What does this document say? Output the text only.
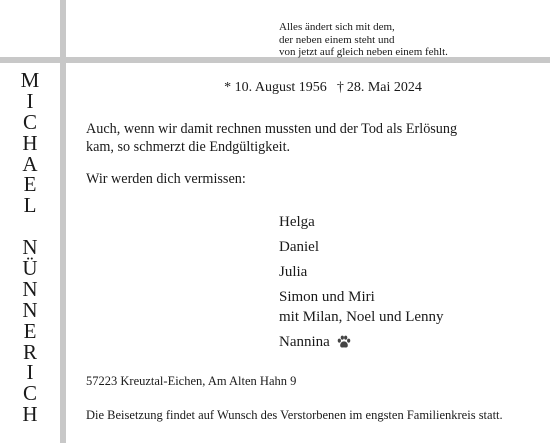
Alles ändert sich mit dem,
der neben einem steht und
von jetzt auf gleich neben einem fehlt.
M
I
C
H
A
E
L
N
Ü
N
N
E
R
I
C
H
* 10. August 1956 † 28. Mai 2024
Auch, wenn wir damit rechnen mussten und der Tod als Erlösung
kam, so schmerzt die Endgültigkeit.
Wir werden dich vermissen:
Helga
Daniel
Julia
Simon und Miri
mit Milan, Noel und Lenny
Nannina
57223 Kreuztal-Eichen, Am Alten Hahn 9
Die Beisetzung findet auf Wunsch des Verstorbenen im engsten Familienkreis statt.
